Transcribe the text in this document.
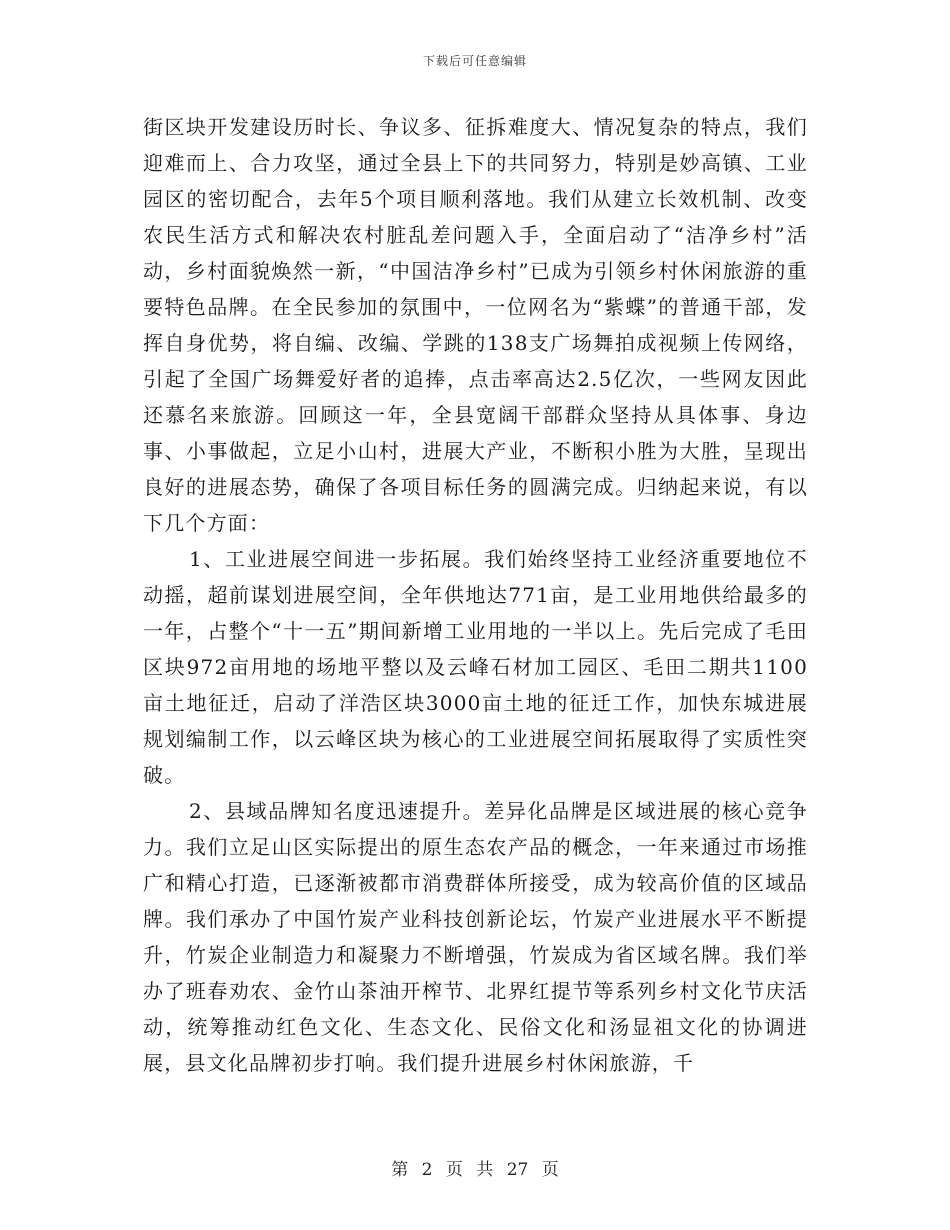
下载后可任意编辑

街区块开发建设历时长、争议多、征拆难度大、情况复杂的特点，我们迎难而上、合力攻坚，通过全县上下的共同努力，特别是妙高镇、工业园区的密切配合，去年5个项目顺利落地。我们从建立长效机制、改变农民生活方式和解决农村脏乱差问题入手，全面启动了“洁净乡村”活动，乡村面貌焕然一新，“中国洁净乡村”已成为引领乡村休闲旅游的重要特色品牌。在全民参加的氛围中，一位网名为“紫蝶”的普通干部，发挥自身优势，将自编、改编、学跳的138支广场舞拍成视频上传网络，引起了全国广场舞爱好者的追捧，点击率高达2.5亿次，一些网友因此还慕名来旅游。回顾这一年，全县宽阔干部群众坚持从具体事、身边事、小事做起，立足小山村，进展大产业，不断积小胜为大胜，呈现出良好的进展态势，确保了各项目标任务的圆满完成。归纳起来说，有以下几个方面：

1、工业进展空间进一步拓展。我们始终坚持工业经济重要地位不动摇，超前谋划进展空间，全年供地达771亩，是工业用地供给最多的一年，占整个“十一五”期间新增工业用地的一半以上。先后完成了毛田区块972亩用地的场地平整以及云峰石材加工园区、毛田二期共1100亩土地征迁，启动了洋浩区块3000亩土地的征迁工作，加快东城进展规划编制工作，以云峰区块为核心的工业进展空间拓展取得了实质性突破。

2、县域品牌知名度迅速提升。差异化品牌是区域进展的核心竞争力。我们立足山区实际提出的原生态农产品的概念，一年来通过市场推广和精心打造，已逐渐被都市消费群体所接受，成为较高价值的区域品牌。我们承办了中国竹炭产业科技创新论坛，竹炭产业进展水平不断提升，竹炭企业制造力和凝聚力不断增强，竹炭成为省区域名牌。我们举办了班春劝农、金竹山茶油开榨节、北界红提节等系列乡村文化节庆活动，统筹推动红色文化、生态文化、民俗文化和汤显祖文化的协调进展，县文化品牌初步打响。我们提升进展乡村休闲旅游，千

第 2 页 共 27 页
